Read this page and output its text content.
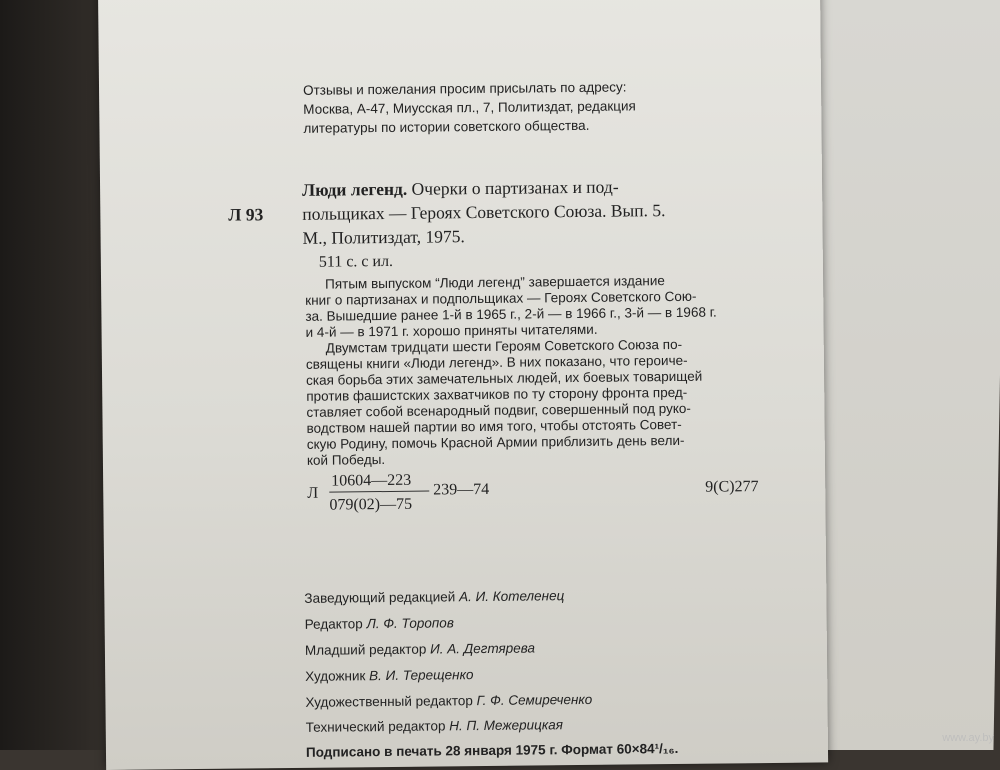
Отзывы и пожелания просим присылать по адресу:
Москва, А-47, Миусская пл., 7, Политиздат, редакция
литературы по истории советского общества.
Л 93
Люди легенд. Очерки о партизанах и под-
польщиках — Героях Советского Союза. Вып. 5.
М., Политиздат, 1975.
511 с. с ил.
Пятым выпуском “Люди легенд” завершается издание
книг о партизанах и подпольщиках — Героях Советского Сою-
за. Вышедшие ранее 1-й в 1965 г., 2-й — в 1966 г., 3-й — в 1968 г.
и 4-й — в 1971 г. хорошо приняты читателями.
Двумстам тридцати шести Героям Советского Союза по-
священы книги «Люди легенд». В них показано, что героиче-
ская борьба этих замечательных людей, их боевых товарищей
против фашистских захватчиков по ту сторону фронта пред-
ставляет собой всенародный подвиг, совершенный под руко-
водством нашей партии во имя того, чтобы отстоять Совет-
скую Родину, помочь Красной Армии приблизить день вели-
кой Победы.
Л
10604—223
079(02)—75
239—74	9(С)277
Заведующий редакцией А. И. Котеленец
Редактор Л. Ф. Торопов
Младший редактор И. А. Дегтярева
Художник В. И. Терещенко
Художественный редактор Г. Ф. Семиреченко
Технический редактор Н. П. Межерицкая
Подписано в печать 28 января 1975 г. Формат 60×84¹/₁₆.
www.ay.by
